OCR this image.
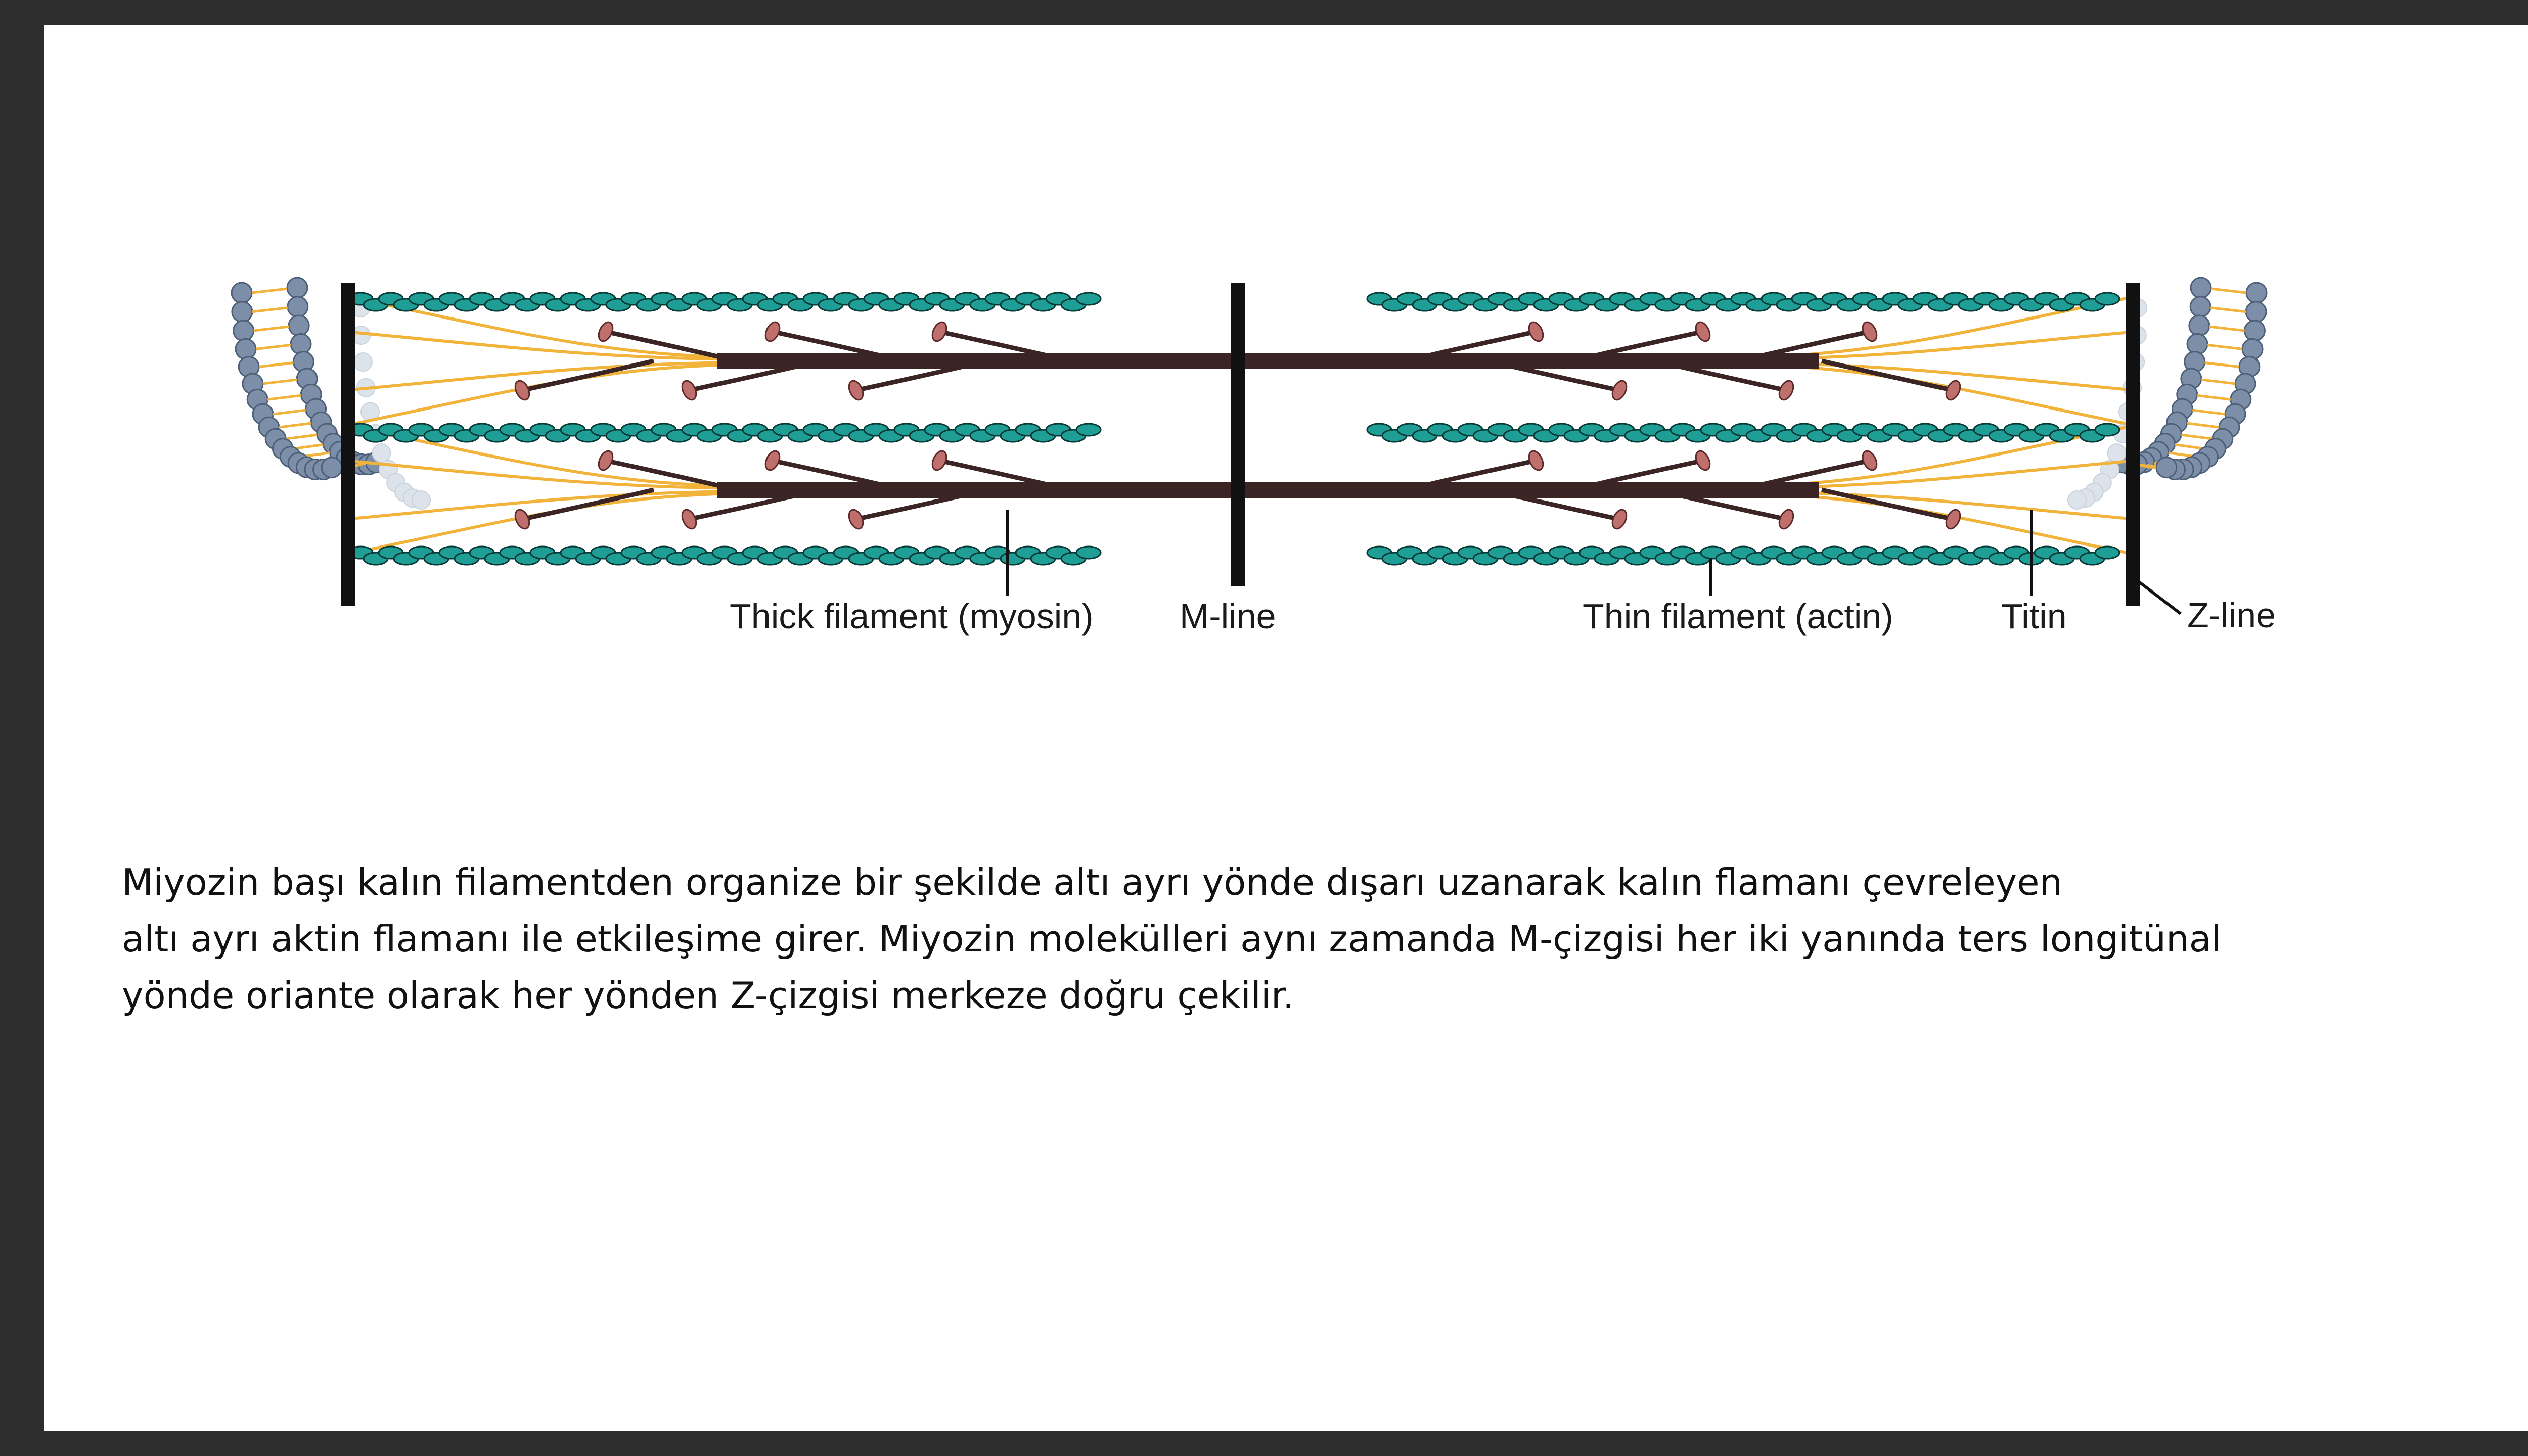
Thick filament (myosin) M-line	Thin filament (actin)	Titin	Z-line

Miyozin başı kalın filamentden organize bir şekilde altı ayrı yönde dışarı uzanarak kalın flamanı çevreleyen
altı ayrı aktin flamanı ile etkileşime girer. Miyozin molekülleri aynı zamanda M-çizgisi her iki yanında ters longitünal
yönde oriante olarak her yönden Z-çizgisi merkeze doğru çekilir.
